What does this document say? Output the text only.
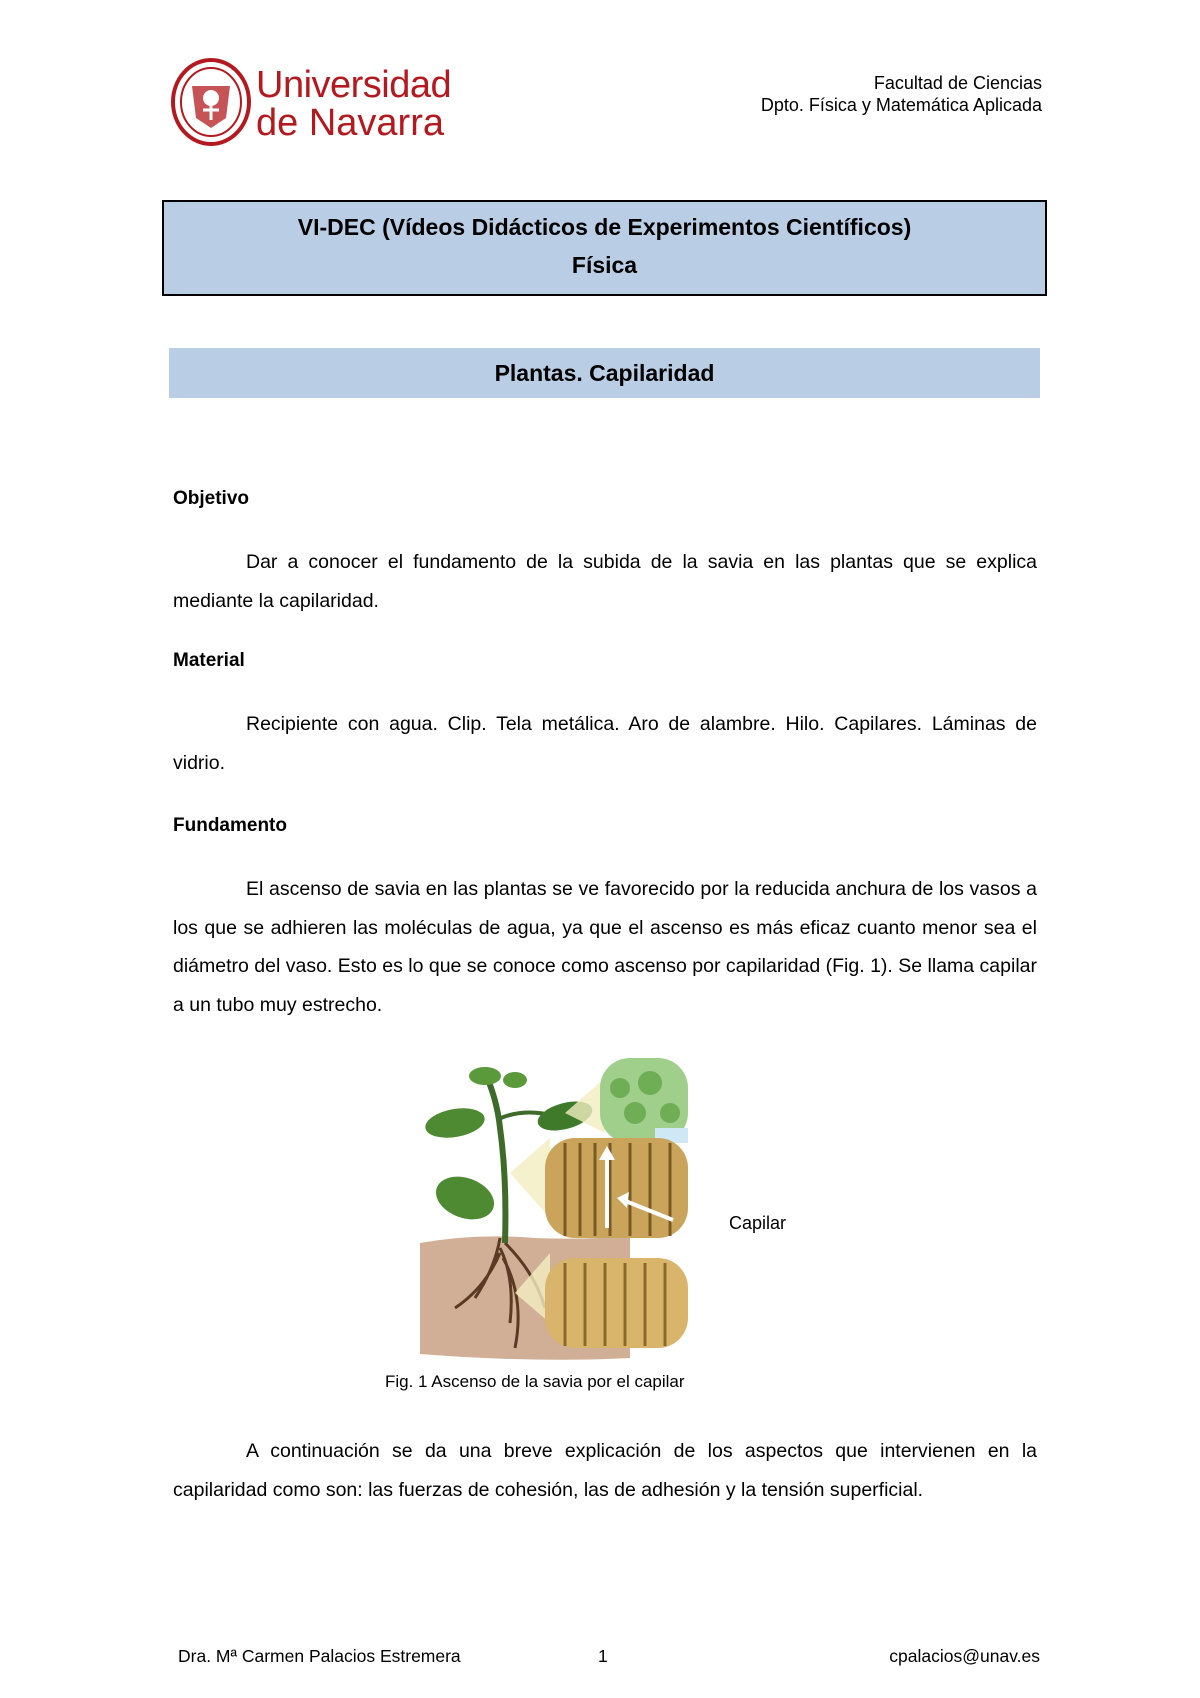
Universidad
de Navarra
Facultad de Ciencias
Dpto. Física y Matemática Aplicada
VI-DEC (Vídeos Didácticos de Experimentos Científicos)
Física
Plantas. Capilaridad
Objetivo
Dar a conocer el fundamento de la subida de la savia en las plantas que se explica mediante la capilaridad.
Material
Recipiente con agua. Clip. Tela metálica. Aro de alambre. Hilo. Capilares. Láminas de vidrio.
Fundamento
El ascenso de savia en las plantas se ve favorecido por la reducida anchura de los vasos a los que se adhieren las moléculas de agua, ya que el ascenso es más eficaz cuanto menor sea el diámetro del vaso. Esto es lo que se conoce como ascenso por capilaridad (Fig. 1). Se llama capilar a un tubo muy estrecho.
Capilar
Fig. 1 Ascenso de la savia por el capilar
A continuación se da una breve explicación de los aspectos que intervienen en la capilaridad como son: las fuerzas de cohesión, las de adhesión y la tensión superficial.
Dra. Mª Carmen Palacios Estremera	1	cpalacios@unav.es
